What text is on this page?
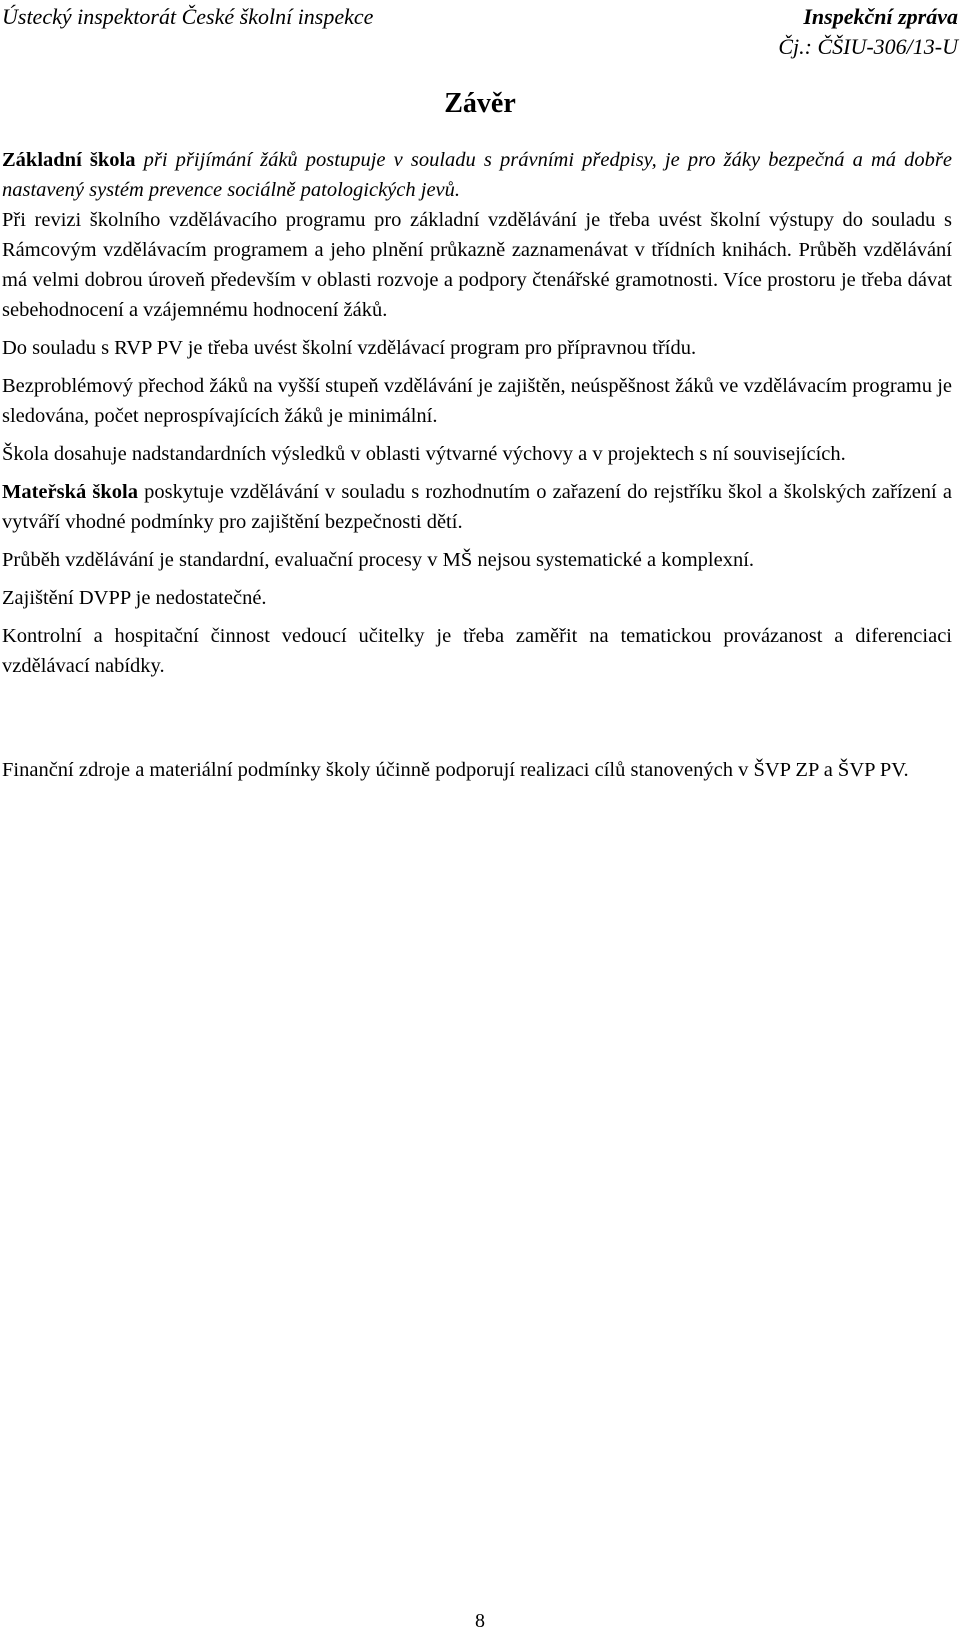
Ústecký inspektorát České školní inspekce	Inspekční zpráva
Čj.: ČŠIU-306/13-U
Závěr

Základní škola při přijímání žáků postupuje v souladu s právními předpisy, je pro žáky bezpečná a má dobře nastavený systém prevence sociálně patologických jevů.

Při revizi školního vzdělávacího programu pro základní vzdělávání je třeba uvést školní výstupy do souladu s Rámcovým vzdělávacím programem a jeho plnění průkazně zaznamenávat v třídních knihách. Průběh vzdělávání má velmi dobrou úroveň především v oblasti rozvoje a podpory čtenářské gramotnosti. Více prostoru je třeba dávat sebehodnocení a vzájemnému hodnocení žáků.

Do souladu s RVP PV je třeba uvést školní vzdělávací program pro přípravnou třídu.

Bezproblémový přechod žáků na vyšší stupeň vzdělávání je zajištěn, neúspěšnost žáků ve vzdělávacím programu je sledována, počet neprospívajících žáků je minimální.

Škola dosahuje nadstandardních výsledků v oblasti výtvarné výchovy a v projektech s ní souvisejících.

Mateřská škola poskytuje vzdělávání v souladu s rozhodnutím o zařazení do rejstříku škol a školských zařízení a vytváří vhodné podmínky pro zajištění bezpečnosti dětí.

Průběh vzdělávání je standardní, evaluační procesy v MŠ nejsou systematické a komplexní.

Zajištění DVPP je nedostatečné.

Kontrolní a hospitační činnost vedoucí učitelky je třeba zaměřit na tematickou provázanost a diferenciaci vzdělávací nabídky.

Finanční zdroje a materiální podmínky školy účinně podporují realizaci cílů stanovených v ŠVP ZP a ŠVP PV.

8
